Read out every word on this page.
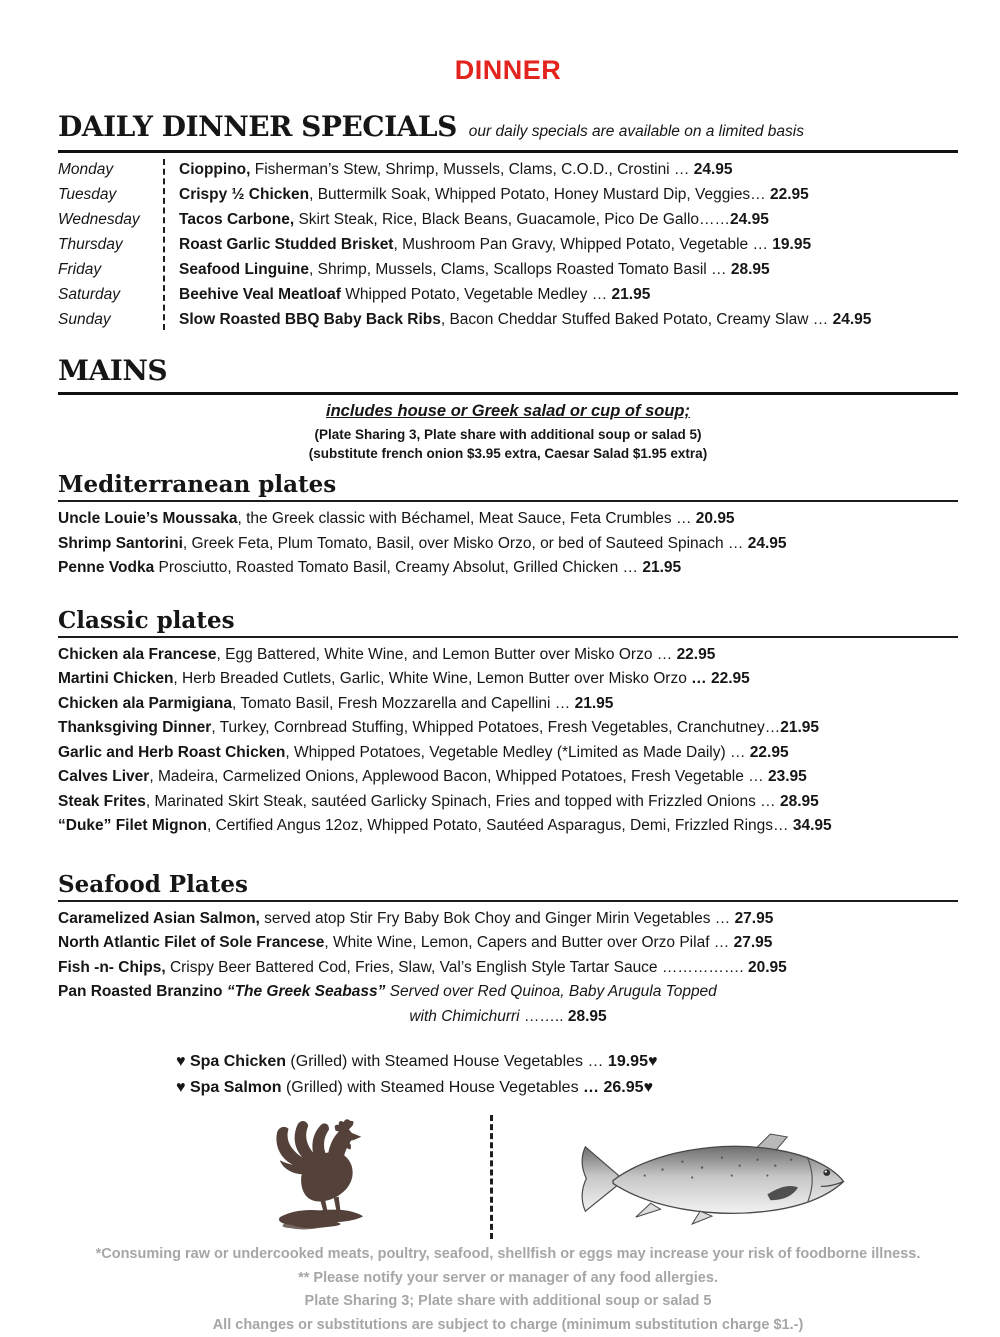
DINNER
DAILY DINNER SPECIALS our daily specials are available on a limited basis
Monday	Cioppino, Fisherman’s Stew, Shrimp, Mussels, Clams, C.O.D., Crostini … 24.95
Tuesday	Crispy ½ Chicken, Buttermilk Soak, Whipped Potato, Honey Mustard Dip, Veggies… 22.95
Wednesday	Tacos Carbone, Skirt Steak, Rice, Black Beans, Guacamole, Pico De Gallo……24.95
Thursday	Roast Garlic Studded Brisket, Mushroom Pan Gravy, Whipped Potato, Vegetable … 19.95
Friday	Seafood Linguine, Shrimp, Mussels, Clams, Scallops Roasted Tomato Basil … 28.95
Saturday	Beehive Veal Meatloaf Whipped Potato, Vegetable Medley … 21.95
Sunday	Slow Roasted BBQ Baby Back Ribs, Bacon Cheddar Stuffed Baked Potato, Creamy Slaw … 24.95
MAINS
includes house or Greek salad or cup of soup;
(Plate Sharing 3, Plate share with additional soup or salad 5)
(substitute french onion $3.95 extra, Caesar Salad $1.95 extra)
Mediterranean plates

Uncle Louie’s Moussaka, the Greek classic with Béchamel, Meat Sauce, Feta Crumbles … 20.95

Shrimp Santorini, Greek Feta, Plum Tomato, Basil, over Misko Orzo, or bed of Sauteed Spinach … 24.95

Penne Vodka Prosciutto, Roasted Tomato Basil, Creamy Absolut, Grilled Chicken … 21.95

Classic plates

Chicken ala Francese, Egg Battered, White Wine, and Lemon Butter over Misko Orzo … 22.95

Martini Chicken, Herb Breaded Cutlets, Garlic, White Wine, Lemon Butter over Misko Orzo … 22.95

Chicken ala Parmigiana, Tomato Basil, Fresh Mozzarella and Capellini … 21.95

Thanksgiving Dinner, Turkey, Cornbread Stuffing, Whipped Potatoes, Fresh Vegetables, Cranchutney…21.95

Garlic and Herb Roast Chicken, Whipped Potatoes, Vegetable Medley (*Limited as Made Daily) … 22.95

Calves Liver, Madeira, Carmelized Onions, Applewood Bacon, Whipped Potatoes, Fresh Vegetable … 23.95

Steak Frites, Marinated Skirt Steak, sautéed Garlicky Spinach, Fries and topped with Frizzled Onions … 28.95

“Duke” Filet Mignon, Certified Angus 12oz, Whipped Potato, Sautéed Asparagus, Demi, Frizzled Rings… 34.95

Seafood Plates

Caramelized Asian Salmon, served atop Stir Fry Baby Bok Choy and Ginger Mirin Vegetables … 27.95

North Atlantic Filet of Sole Francese, White Wine, Lemon, Capers and Butter over Orzo Pilaf … 27.95

Fish -n- Chips, Crispy Beer Battered Cod, Fries, Slaw, Val’s English Style Tartar Sauce ……………. 20.95

Pan Roasted Branzino “The Greek Seabass” Served over Red Quinoa, Baby Arugula Topped
with Chimichurri …….. 28.95

♥ Spa Chicken (Grilled) with Steamed House Vegetables … 19.95♥

♥ Spa Salmon (Grilled) with Steamed House Vegetables … 26.95♥

*Consuming raw or undercooked meats, poultry, seafood, shellfish or eggs may increase your risk of foodborne illness.
** Please notify your server or manager of any food allergies.
Plate Sharing 3; Plate share with additional soup or salad 5
All changes or substitutions are subject to charge (minimum substitution charge $1.-)
